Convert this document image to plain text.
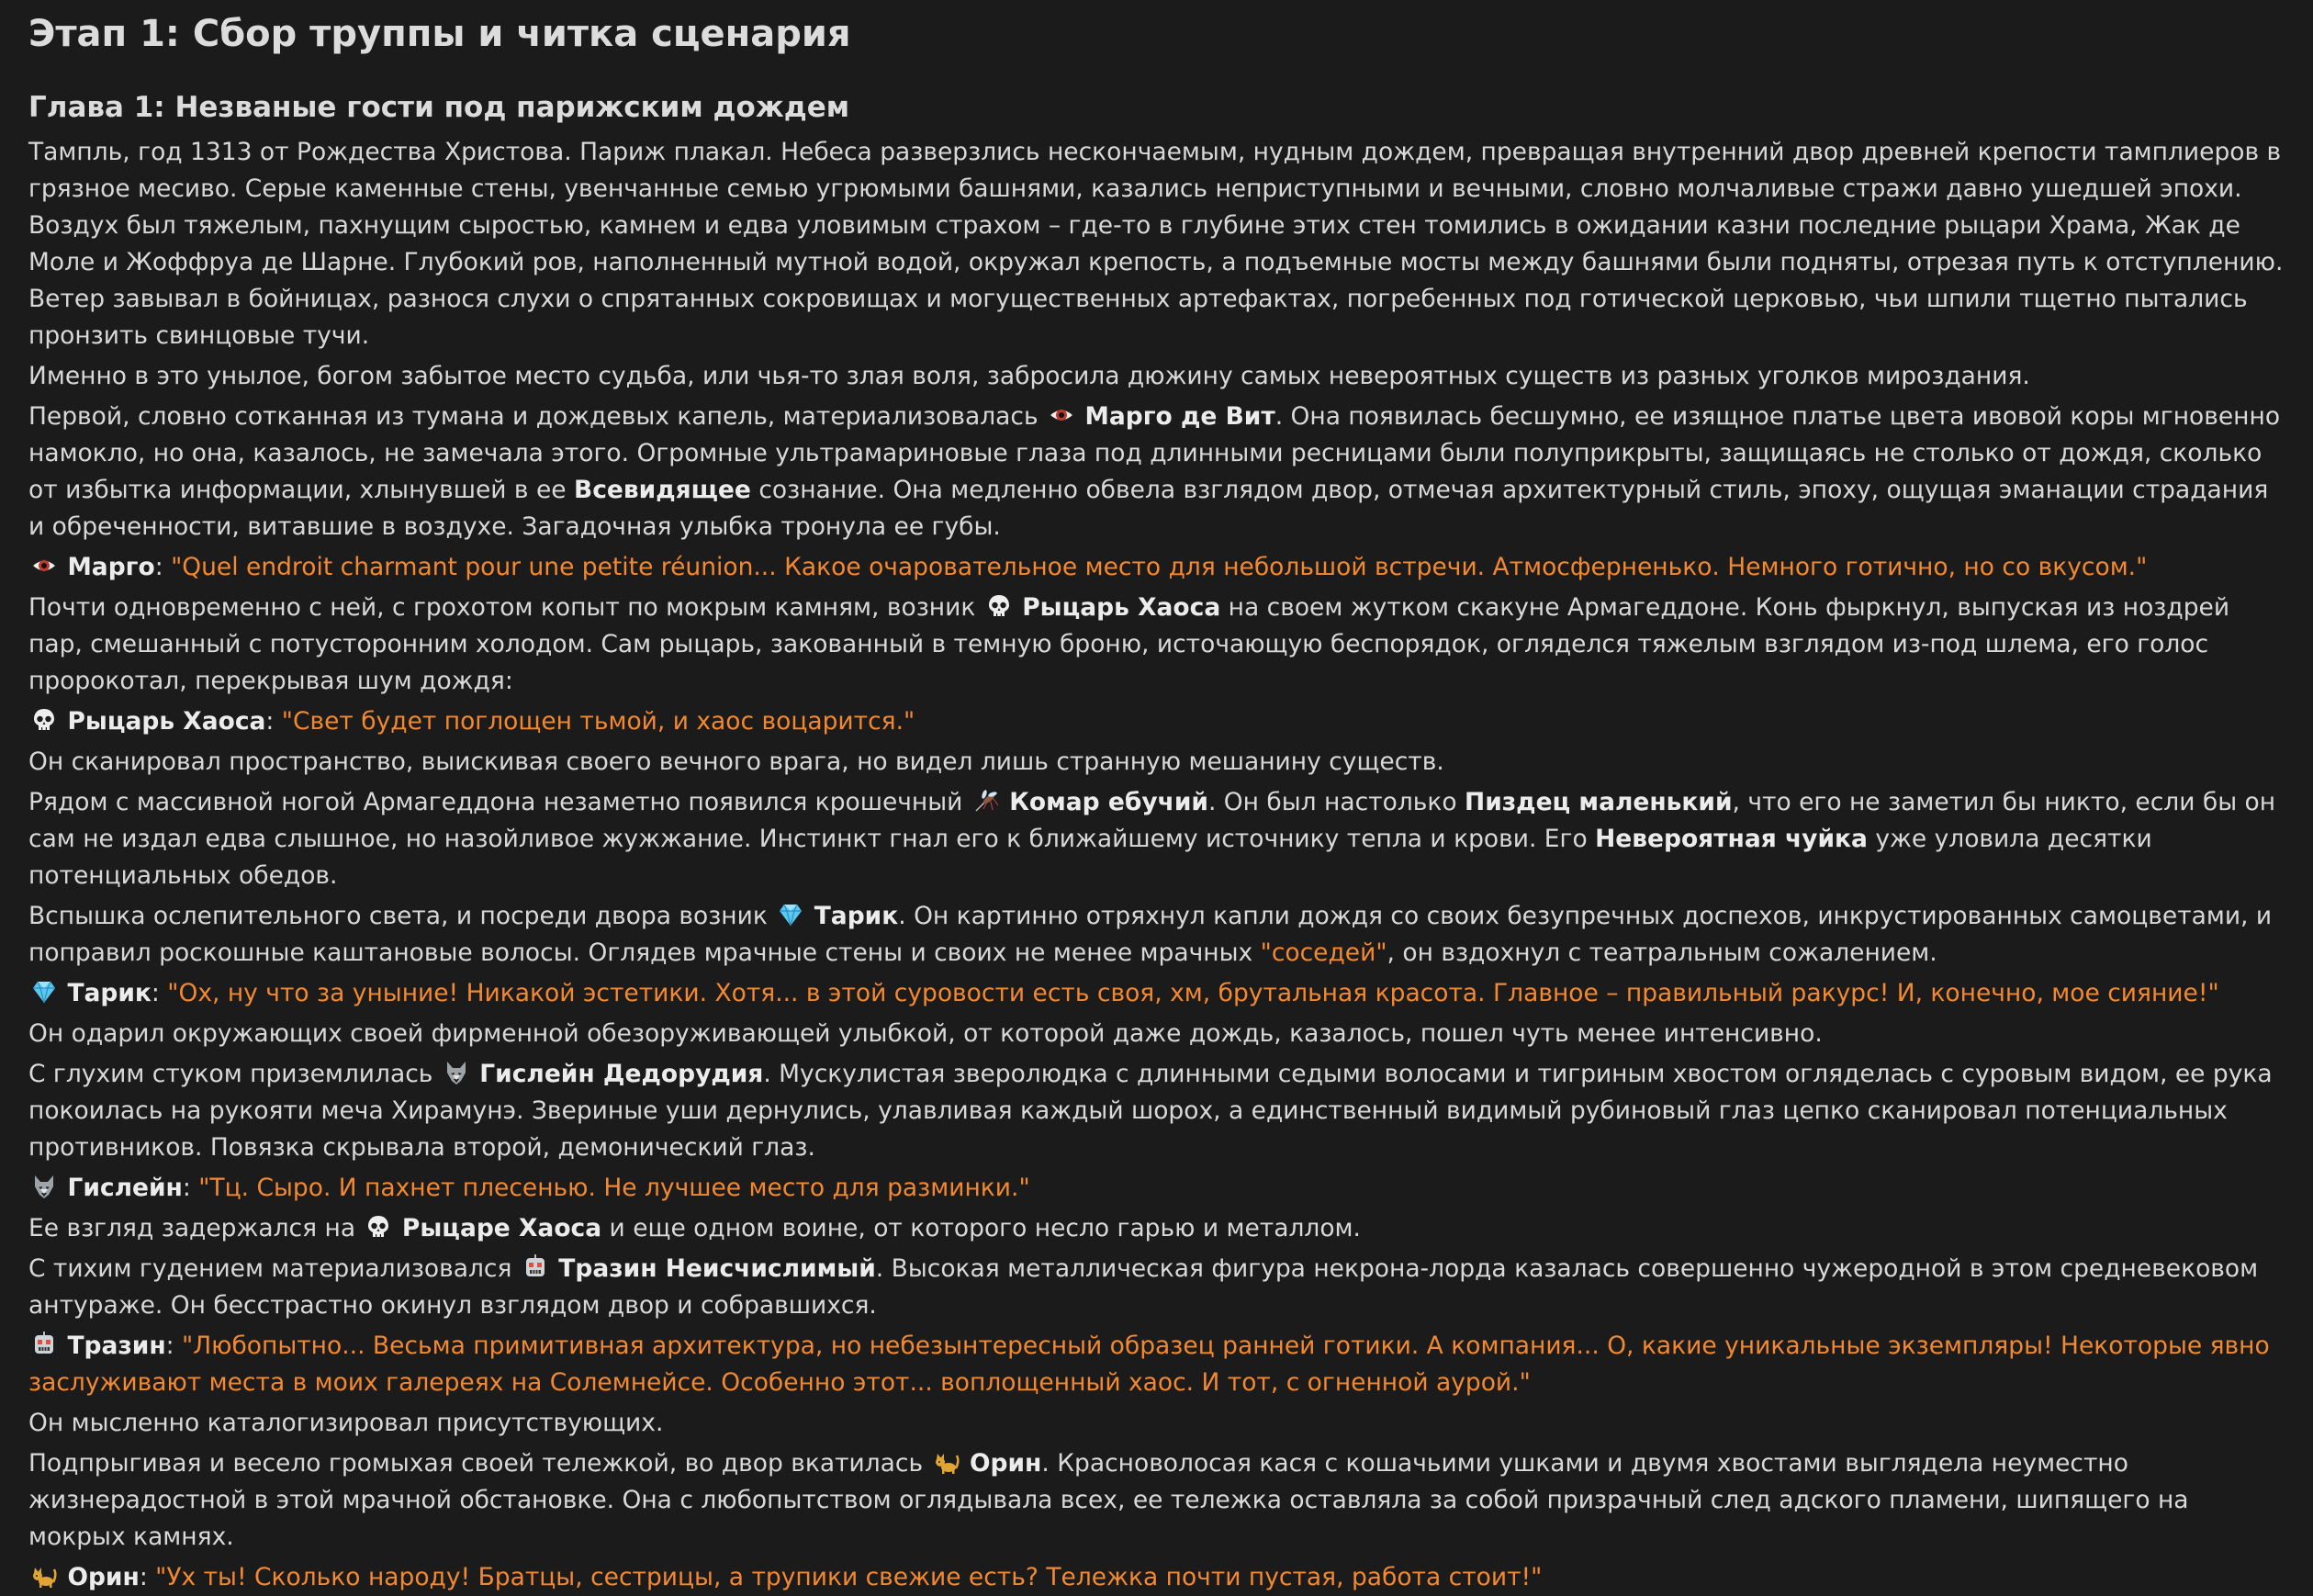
Этап 1: Сбор труппы и читка сценария
Глава 1: Незваные гости под парижским дождем

Тампль, год 1313 от Рождества Христова. Париж плакал. Небеса разверзлись нескончаемым, нудным дождем, превращая внутренний двор древней крепости тамплиеров в грязное месиво. Серые каменные стены, увенчанные семью угрюмыми башнями, казались неприступными и вечными, словно молчаливые стражи давно ушедшей эпохи. Воздух был тяжелым, пахнущим сыростью, камнем и едва уловимым страхом – где-то в глубине этих стен томились в ожидании казни последние рыцари Храма, Жак де Моле и Жоффруа де Шарне. Глубокий ров, наполненный мутной водой, окружал крепость, а подъемные мосты между башнями были подняты, отрезая путь к отступлению. Ветер завывал в бойницах, разнося слухи о спрятанных сокровищах и могущественных артефактах, погребенных под готической церковью, чьи шпили тщетно пытались пронзить свинцовые тучи.

Именно в это унылое, богом забытое место судьба, или чья-то злая воля, забросила дюжину самых невероятных существ из разных уголков мироздания.

Первой, словно сотканная из тумана и дождевых капель, материализовалась
Марго де Вит. Она появилась бесшумно, ее изящное платье цвета ивовой коры мгновенно намокло, но она, казалось, не замечала этого. Огромные ультрамариновые глаза под длинными ресницами были полуприкрыты, защищаясь не столько от дождя, сколько от избытка информации, хлынувшей в ее Всевидящее сознание. Она медленно обвела взглядом двор, отмечая архитектурный стиль, эпоху, ощущая эманации страдания и обреченности, витавшие в воздухе. Загадочная улыбка тронула ее губы.

Марго: "Quel endroit charmant pour une petite réunion... Какое очаровательное место для небольшой встречи. Атмосферненько. Немного готично, но со вкусом."

Почти одновременно с ней, с грохотом копыт по мокрым камням, возник
Рыцарь Хаоса на своем жутком скакуне Армагеддоне. Конь фыркнул, выпуская из ноздрей пар, смешанный с потусторонним холодом. Сам рыцарь, закованный в темную броню, источающую беспорядок, огляделся тяжелым взглядом из-под шлема, его голос пророкотал, перекрывая шум дождя:

Рыцарь Хаоса: "Свет будет поглощен тьмой, и хаос воцарится."

Он сканировал пространство, выискивая своего вечного врага, но видел лишь странную мешанину существ.

Рядом с массивной ногой Армагеддона незаметно появился крошечный
Комар ебучий. Он был настолько Пиздец маленький, что его не заметил бы никто, если бы он сам не издал едва слышное, но назойливое жужжание. Инстинкт гнал его к ближайшему источнику тепла и крови. Его Невероятная чуйка уже уловила десятки потенциальных обедов.

Вспышка ослепительного света, и посреди двора возник
Тарик. Он картинно отряхнул капли дождя со своих безупречных доспехов, инкрустированных самоцветами, и поправил роскошные каштановые волосы. Оглядев мрачные стены и своих не менее мрачных "соседей", он вздохнул с театральным сожалением.

Тарик: "Ох, ну что за уныние! Никакой эстетики. Хотя... в этой суровости есть своя, хм, брутальная красота. Главное – правильный ракурс! И, конечно, мое сияние!"

Он одарил окружающих своей фирменной обезоруживающей улыбкой, от которой даже дождь, казалось, пошел чуть менее интенсивно.

С глухим стуком приземлилась
Гислейн Дедорудия. Мускулистая зверолюдка с длинными седыми волосами и тигриным хвостом огляделась с суровым видом, ее рука покоилась на рукояти меча Хирамунэ. Звериные уши дернулись, улавливая каждый шорох, а единственный видимый рубиновый глаз цепко сканировал потенциальных противников. Повязка скрывала второй, демонический глаз.

Гислейн: "Тц. Сыро. И пахнет плесенью. Не лучшее место для разминки."

Ее взгляд задержался на
Рыцаре Хаоса и еще одном воине, от которого несло гарью и металлом.

С тихим гудением материализовался
Тразин Неисчислимый. Высокая металлическая фигура некрона-лорда казалась совершенно чужеродной в этом средневековом антураже. Он бесстрастно окинул взглядом двор и собравшихся.

Тразин: "Любопытно... Весьма примитивная архитектура, но небезынтересный образец ранней готики. А компания... О, какие уникальные экземпляры! Некоторые явно заслуживают места в моих галереях на Солемнейсе. Особенно этот... воплощенный хаос. И тот, с огненной аурой."

Он мысленно каталогизировал присутствующих.

Подпрыгивая и весело громыхая своей тележкой, во двор вкатилась
Орин. Красноволосая кася с кошачьими ушками и двумя хвостами выглядела неуместно жизнерадостной в этой мрачной обстановке. Она с любопытством оглядывала всех, ее тележка оставляла за собой призрачный след адского пламени, шипящего на мокрых камнях.

Орин: "Ух ты! Сколько народу! Братцы, сестрицы, а трупики свежие есть? Тележка почти пустая, работа стоит!"
